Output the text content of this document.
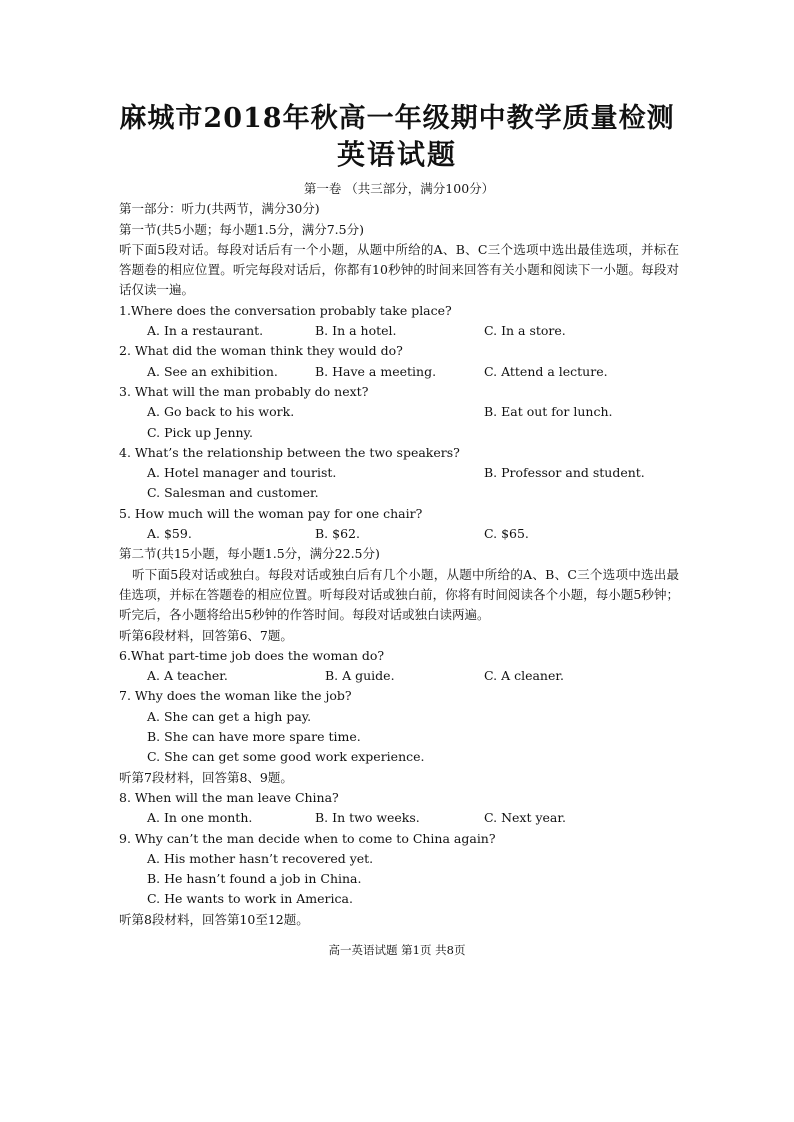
麻城市2018年秋高一年级期中教学质量检测
英语试题
第一卷 （共三部分，满分100分）
第一部分：听力(共两节，满分30分)
第一节(共5小题；每小题1.5分，满分7.5分)
听下面5段对话。每段对话后有一个小题，从题中所给的A、B、C三个选项中选出最佳选项，并标在答题卷的相应位置。听完每段对话后，你都有10秒钟的时间来回答有关小题和阅读下一小题。每段对话仅读一遍。
1.Where does the conversation probably take place?
A. In a restaurant.	B. In a hotel.	C. In a store.
2. What did the woman think they would do?
A. See an exhibition.	B. Have a meeting.	C. Attend a lecture.
3. What will the man probably do next?
A. Go back to his work.	B. Eat out for lunch.
C. Pick up Jenny.
4. What’s the relationship between the two speakers?
A. Hotel manager and tourist.	B. Professor and student.
C. Salesman and customer.
5. How much will the woman pay for one chair?
A. $59.	B. $62.	C. $65.
第二节(共15小题，每小题1.5分，满分22.5分)
听下面5段对话或独白。每段对话或独白后有几个小题，从题中所给的A、B、C三个选项中选出最佳选项，并标在答题卷的相应位置。听每段对话或独白前，你将有时间阅读各个小题，每小题5秒钟；听完后，各小题将给出5秒钟的作答时间。每段对话或独白读两遍。
听第6段材料，回答第6、7题。
6.What part-time job does the woman do?
A. A teacher.	B. A guide.	C. A cleaner.
7. Why does the woman like the job?
A. She can get a high pay.
B. She can have more spare time.
C. She can get some good work experience.
听第7段材料，回答第8、9题。
8. When will the man leave China?
A. In one month.	B. In two weeks.	C. Next year.
9. Why can’t the man decide when to come to China again?
A. His mother hasn’t recovered yet.
B. He hasn’t found a job in China.
C. He wants to work in America.
听第8段材料，回答第10至12题。
高一英语试题 第1页 共8页
